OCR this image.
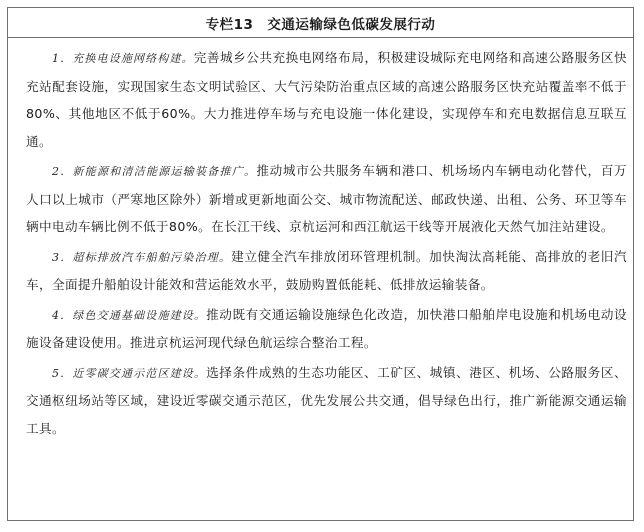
专栏13 交通运输绿色低碳发展行动

1．充换电设施网络构建。完善城乡公共充换电网络布局，积极建设城际充电网络和高速公路服务区快充站配套设施，实现国家生态文明试验区、大气污染防治重点区域的高速公路服务区快充站覆盖率不低于80%、其他地区不低于60%。大力推进停车场与充电设施一体化建设，实现停车和充电数据信息互联互通。

2．新能源和清洁能源运输装备推广。推动城市公共服务车辆和港口、机场场内车辆电动化替代，百万人口以上城市（严寒地区除外）新增或更新地面公交、城市物流配送、邮政快递、出租、公务、环卫等车辆中电动车辆比例不低于80%。在长江干线、京杭运河和西江航运干线等开展液化天然气加注站建设。

3．超标排放汽车船舶污染治理。建立健全汽车排放闭环管理机制。加快淘汰高耗能、高排放的老旧汽车，全面提升船舶设计能效和营运能效水平，鼓励购置低能耗、低排放运输装备。

4．绿色交通基础设施建设。推动既有交通运输设施绿色化改造，加快港口船舶岸电设施和机场电动设施设备建设使用。推进京杭运河现代绿色航运综合整治工程。

5．近零碳交通示范区建设。选择条件成熟的生态功能区、工矿区、城镇、港区、机场、公路服务区、交通枢纽场站等区域，建设近零碳交通示范区，优先发展公共交通，倡导绿色出行，推广新能源交通运输工具。
